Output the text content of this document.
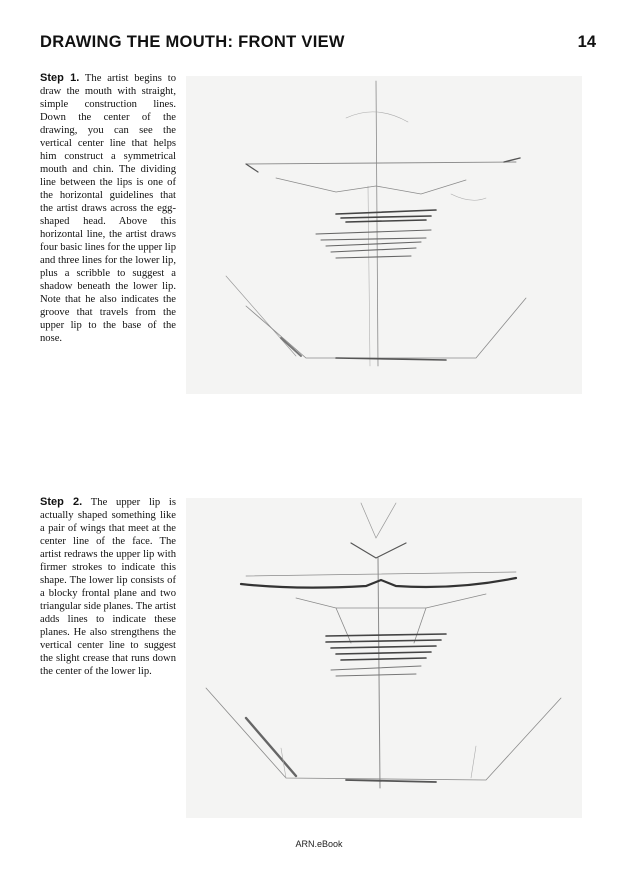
DRAWING THE MOUTH: FRONT VIEW	14
Step 1. The artist begins to draw the mouth with straight, simple construction lines. Down the center of the drawing, you can see the vertical center line that helps him construct a symmetrical mouth and chin. The dividing line between the lips is one of the horizontal guidelines that the artist draws across the egg-shaped head. Above this horizontal line, the artist draws four basic lines for the upper lip and three lines for the lower lip, plus a scribble to suggest a shadow beneath the lower lip. Note that he also indicates the groove that travels from the upper lip to the base of the nose.
Step 2. The upper lip is actually shaped something like a pair of wings that meet at the center line of the face. The artist redraws the upper lip with firmer strokes to indicate this shape. The lower lip consists of a blocky frontal plane and two triangular side planes. The artist adds lines to indicate these planes. He also strengthens the vertical center line to suggest the slight crease that runs down the center of the lower lip.
ARN.eBook
